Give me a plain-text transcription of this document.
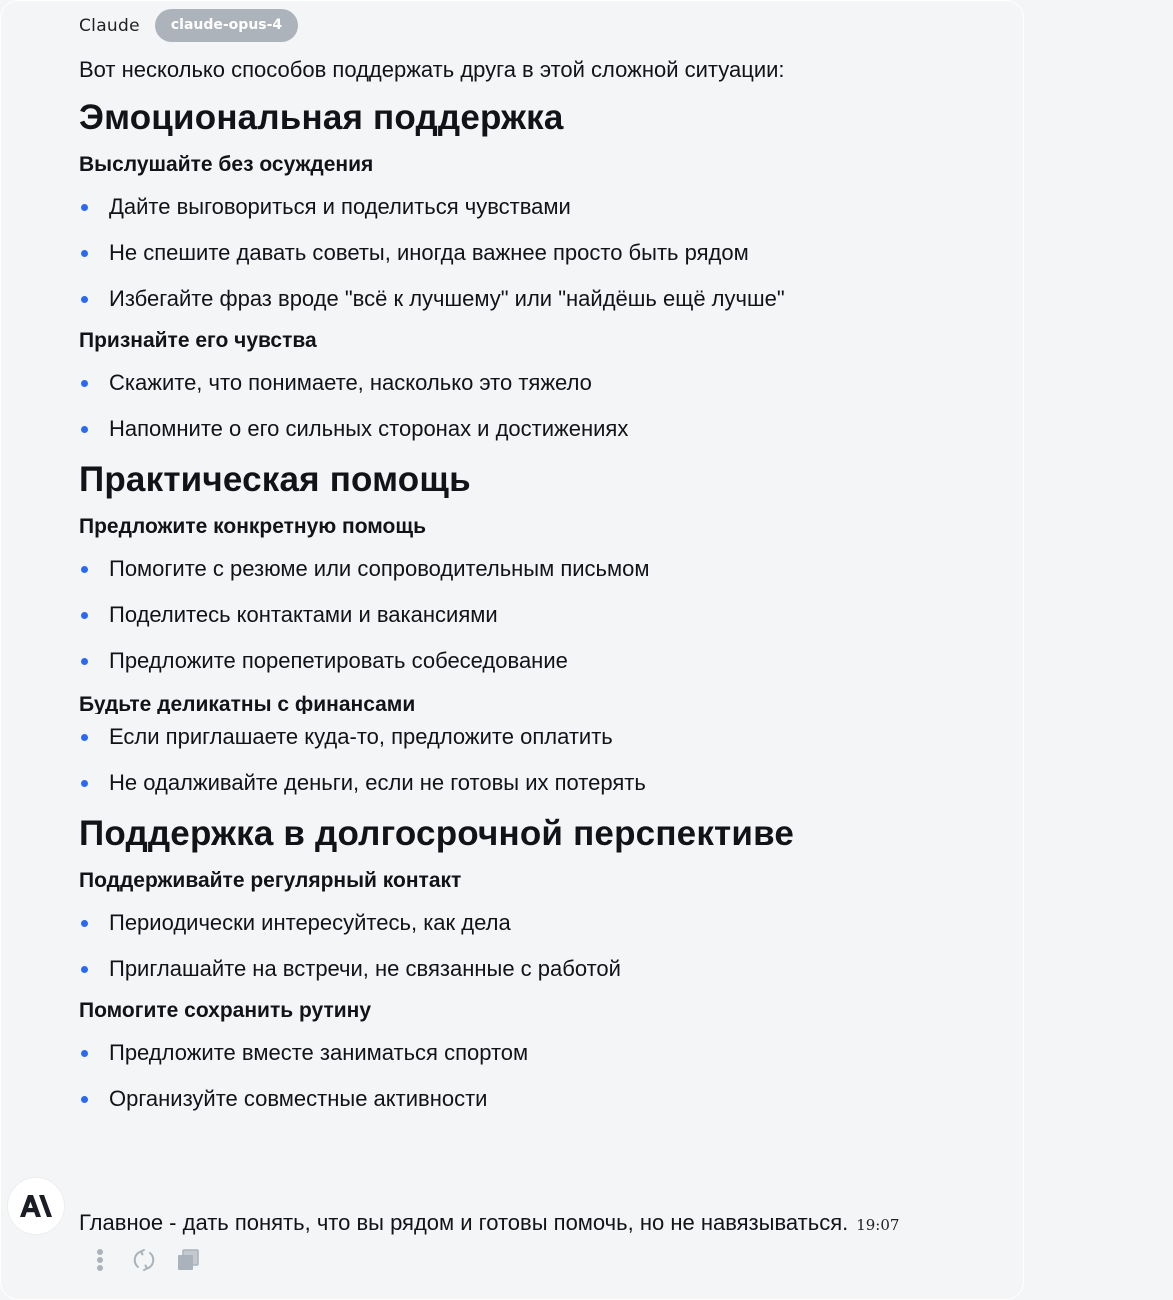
Claude	claude-opus-4

Вот несколько способов поддержать друга в этой сложной ситуации:

Эмоциональная поддержка
Выслушайте без осуждения
Дайте выговориться и поделиться чувствами
Не спешите давать советы, иногда важнее просто быть рядом
Избегайте фраз вроде "всё к лучшему" или "найдёшь ещё лучше"
Признайте его чувства
Скажите, что понимаете, насколько это тяжело
Напомните о его сильных сторонах и достижениях
Практическая помощь
Предложите конкретную помощь
Помогите с резюме или сопроводительным письмом
Поделитесь контактами и вакансиями
Предложите порепетировать собеседование
Будьте деликатны с финансами
Если приглашаете куда-то, предложите оплатить
Не одалживайте деньги, если не готовы их потерять
Поддержка в долгосрочной перспективе
Поддерживайте регулярный контакт
Периодически интересуйтесь, как дела
Приглашайте на встречи, не связанные с работой
Помогите сохранить рутину
Предложите вместе заниматься спортом
Организуйте совместные активности
Главное - дать понять, что вы рядом и готовы помочь, но не навязываться. 19:07
